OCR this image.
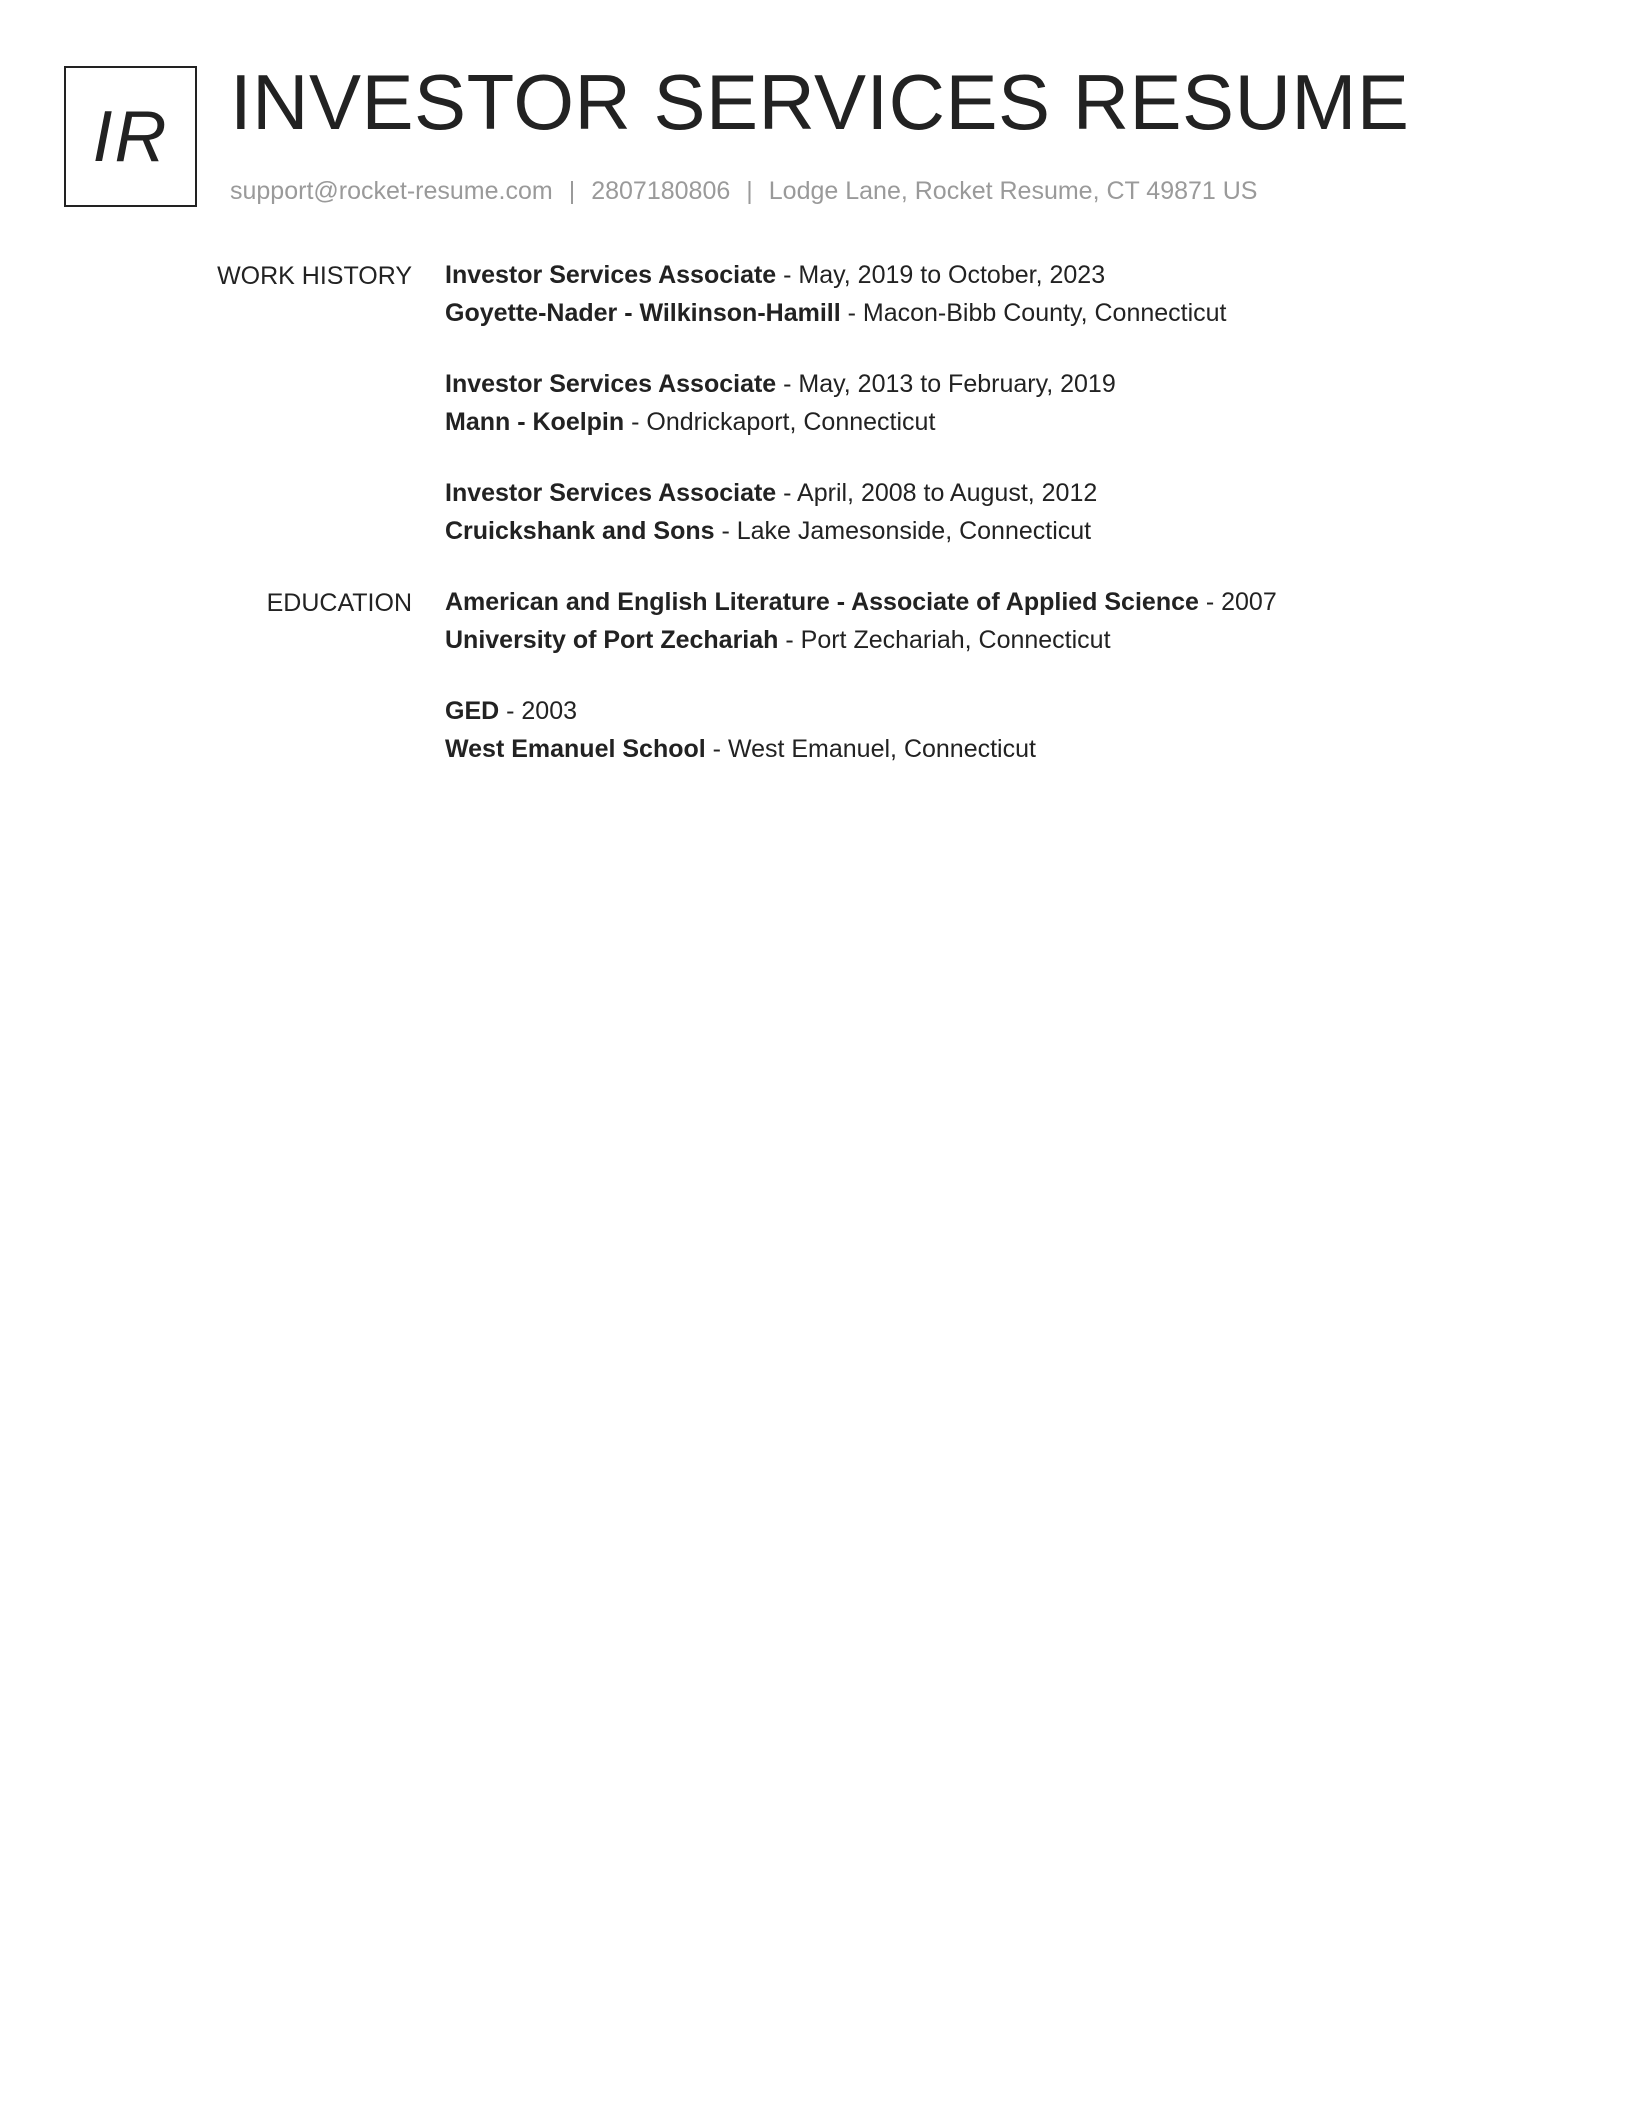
IR INVESTOR SERVICES RESUME
support@rocket-resume.com | 2807180806 | Lodge Lane, Rocket Resume, CT 49871 US
WORK HISTORY Investor Services Associate - May, 2019 to October, 2023
Goyette-Nader - Wilkinson-Hamill - Macon-Bibb County, Connecticut
Investor Services Associate - May, 2013 to February, 2019
Mann - Koelpin - Ondrickaport, Connecticut
Investor Services Associate - April, 2008 to August, 2012
Cruickshank and Sons - Lake Jamesonside, Connecticut
EDUCATION American and English Literature - Associate of Applied Science - 2007
University of Port Zechariah - Port Zechariah, Connecticut
GED - 2003
West Emanuel School - West Emanuel, Connecticut
